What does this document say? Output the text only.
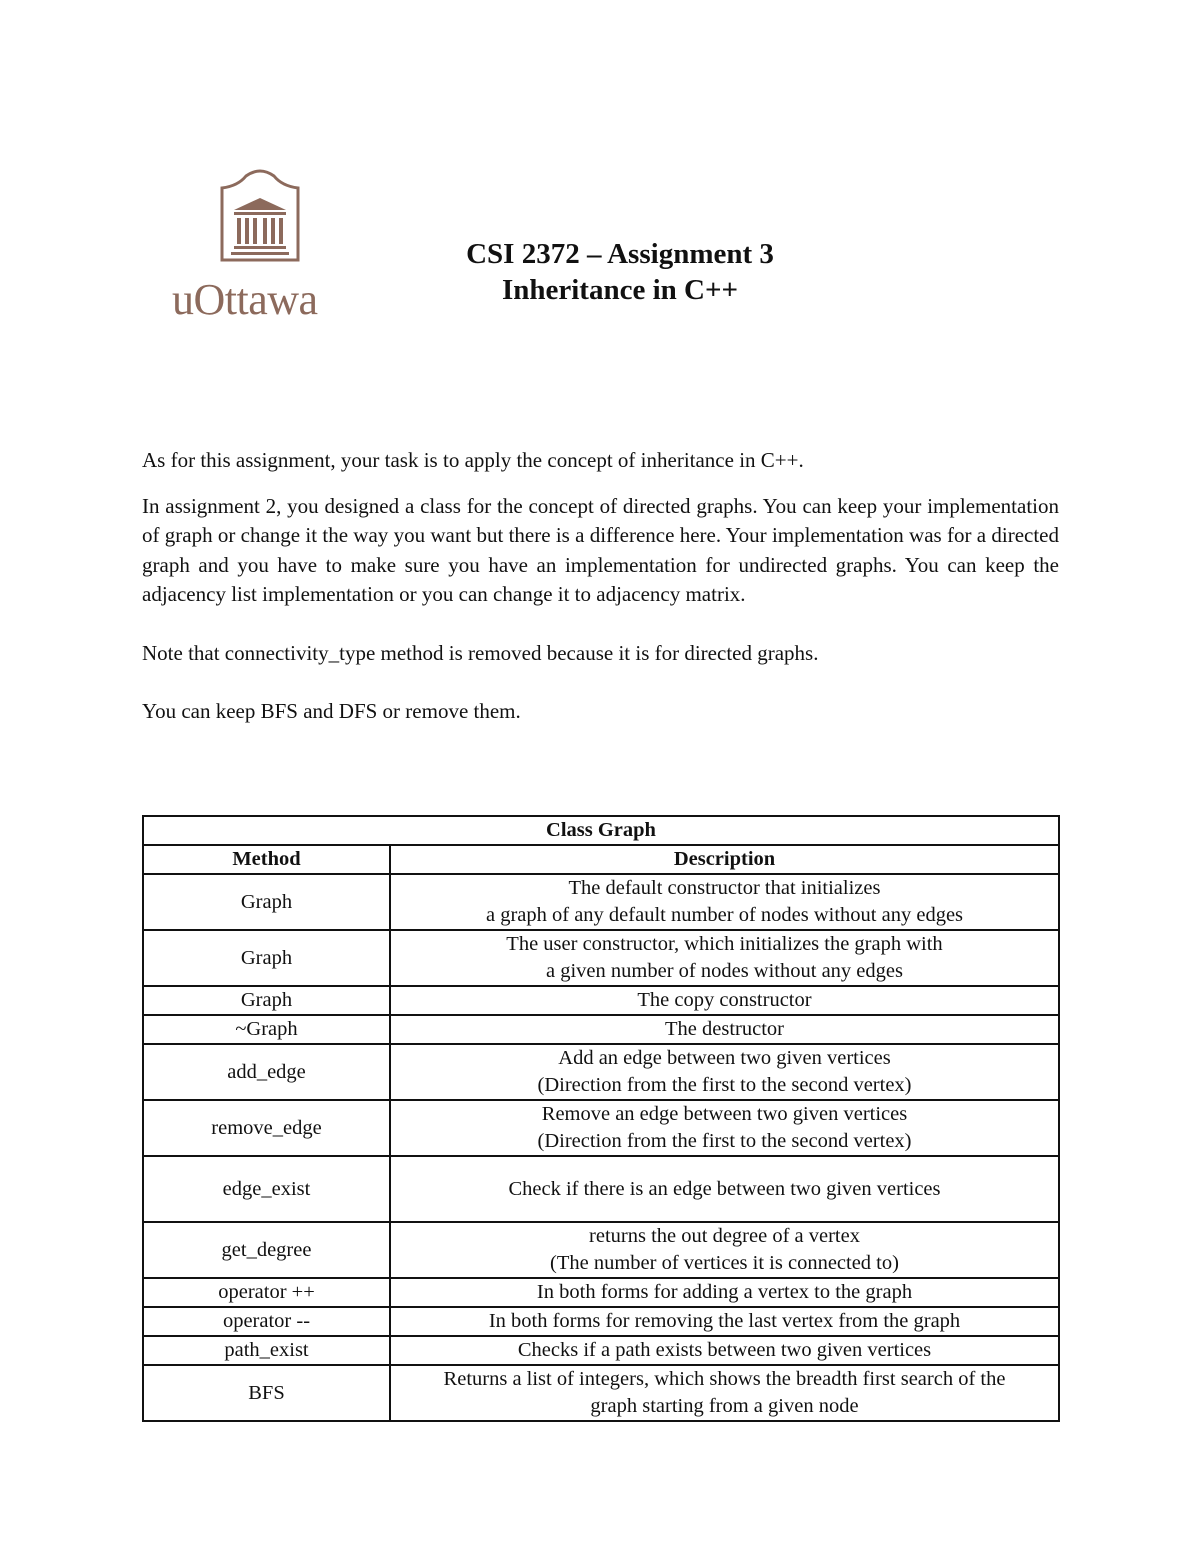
uOttawa
CSI 2372 – Assignment 3
Inheritance in C++

As for this assignment, your task is to apply the concept of inheritance in C++.

In assignment 2, you designed a class for the concept of directed graphs. You can keep your implementation of graph or change it the way you want but there is a difference here. Your implementation was for a directed graph and you have to make sure you have an implementation for undirected graphs. You can keep the adjacency list implementation or you can change it to adjacency matrix.

Note that connectivity_type method is removed because it is for directed graphs.

You can keep BFS and DFS or remove them.

Class Graph	
Method	Description
Graph	The default constructor that initializes
a graph of any default number of nodes without any edges

Graph	The user constructor, which initializes the graph with
a given number of nodes without any edges

Graph	The copy constructor
~Graph	The destructor
add_edge	Add an edge between two given vertices
(Direction from the first to the second vertex)

remove_edge	Remove an edge between two given vertices
(Direction from the first to the second vertex)

edge_exist	Check if there is an edge between two given vertices
get_degree	returns the out degree of a vertex
(The number of vertices it is connected to)

operator ++	In both forms for adding a vertex to the graph
operator --	In both forms for removing the last vertex from the graph
path_exist	Checks if a path exists between two given vertices
BFS	Returns a list of integers, which shows the breadth first search of the
graph starting from a given node
